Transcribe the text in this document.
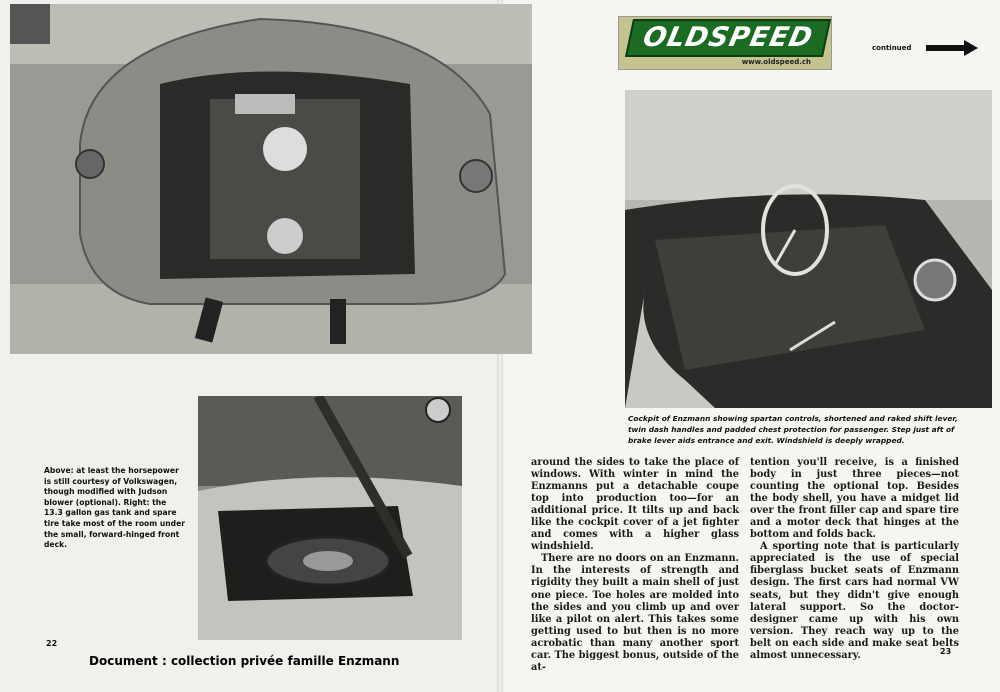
OLDSPEED
www.oldspeed.ch
continued
Above: at least the horsepower is still courtesy of Volkswagen, though modified with Judson blower (optional). Right: the 13.3 gallon gas tank and spare tire take most of the room under the small, forward-hinged front deck.
Cockpit of Enzmann showing spartan controls, shortened and raked shift lever, twin dash handles and padded chest protection for passenger. Step just aft of brake lever aids entrance and exit. Windshield is deeply wrapped.

around the sides to take the place of windows. With winter in mind the Enzmanns put a detachable coupe top into production too—for an additional price. It tilts up and back like the cockpit cover of a jet fighter and comes with a higher glass windshield.

There are no doors on an Enzmann. In the interests of strength and rigidity they built a main shell of just one piece. Toe holes are molded into the sides and you climb up and over like a pilot on alert. This takes some getting used to but then is no more acrobatic than many another sport car. The biggest bonus, outside of the at-

tention you'll receive, is a finished body in just three pieces—not counting the optional top. Besides the body shell, you have a midget lid over the front filler cap and spare tire and a motor deck that hinges at the bottom and folds back.

A sporting note that is particularly appreciated is the use of special fiberglass bucket seats of Enzmann design. The first cars had normal VW seats, but they didn't give enough lateral support. So the doctor-designer came up with his own version. They reach way up to the belt on each side and make seat belts almost unnecessary.

22
23
Document : collection privée famille Enzmann
